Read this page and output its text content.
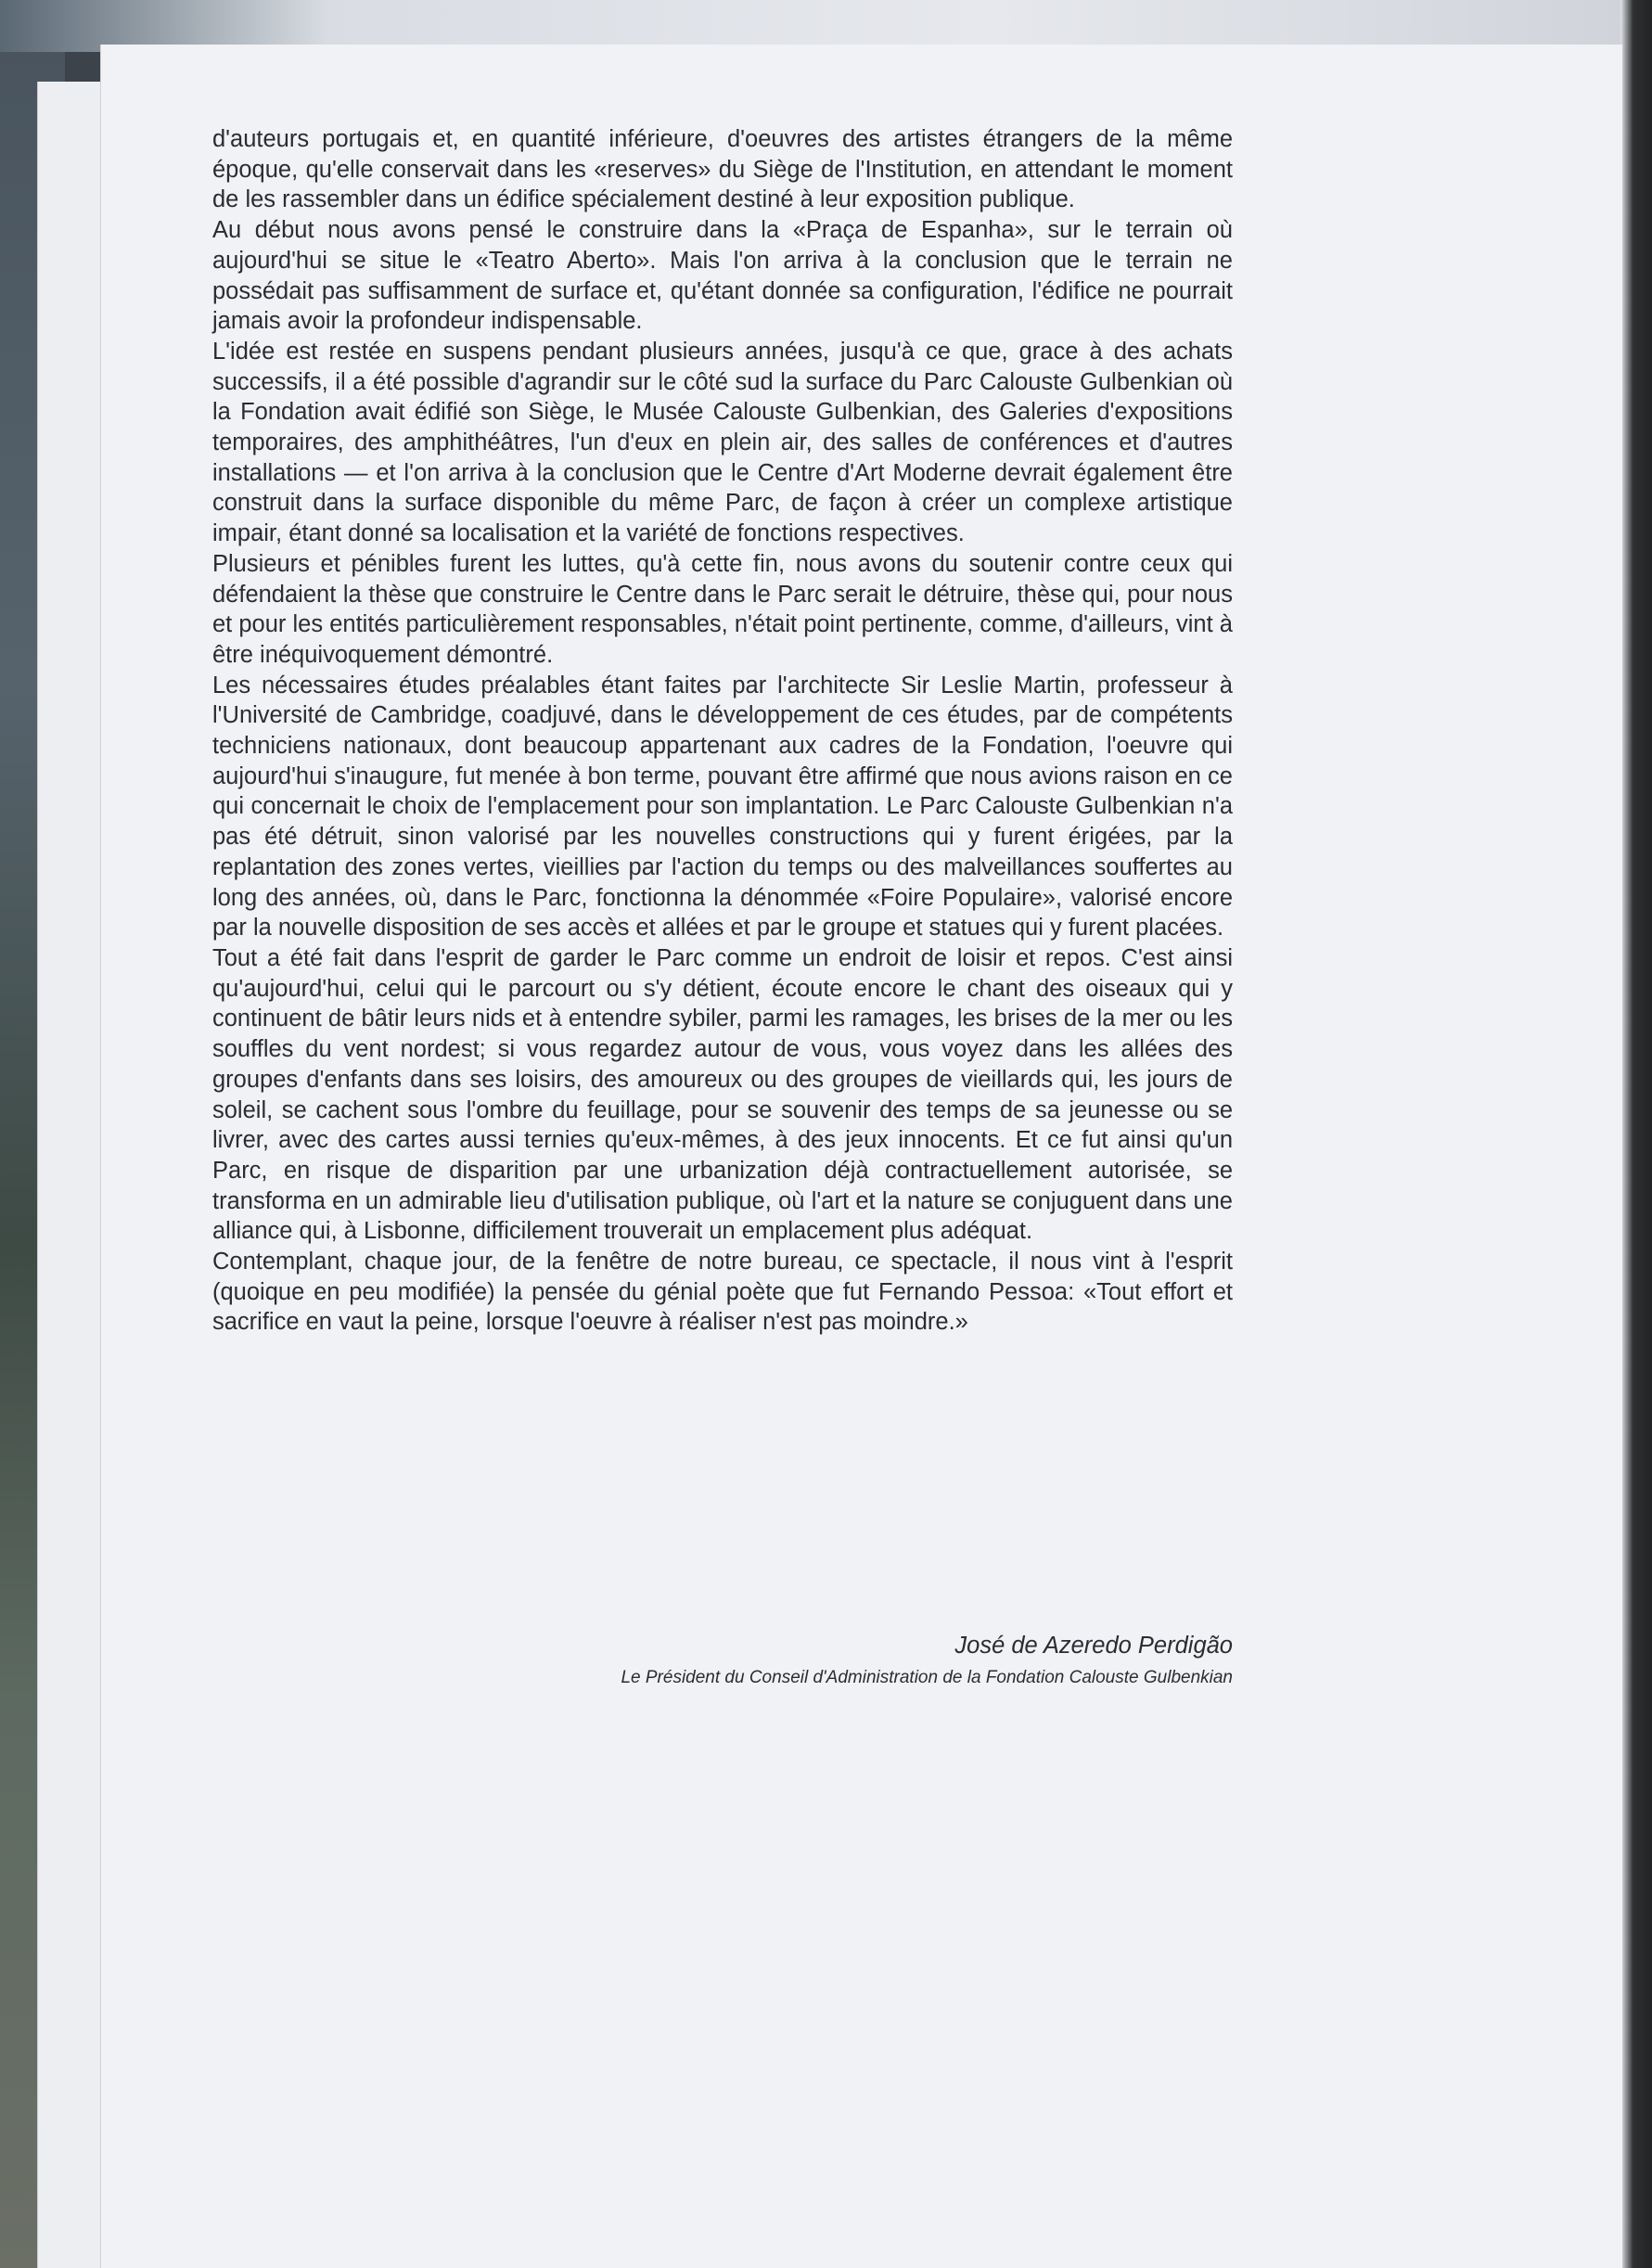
d'auteurs portugais et, en quantité inférieure, d'oeuvres des artistes étrangers de la même époque, qu'elle conservait dans les «reserves» du Siège de l'Institution, en attendant le moment de les rassembler dans un édifice spécialement destiné à leur exposition publique.

Au début nous avons pensé le construire dans la «Praça de Espanha», sur le terrain où aujourd'hui se situe le «Teatro Aberto». Mais l'on arriva à la conclusion que le terrain ne possédait pas suffisamment de surface et, qu'étant donnée sa configuration, l'édifice ne pourrait jamais avoir la profondeur indispensable.

L'idée est restée en suspens pendant plusieurs années, jusqu'à ce que, grace à des achats successifs, il a été possible d'agrandir sur le côté sud la surface du Parc Calouste Gulbenkian où la Fondation avait édifié son Siège, le Musée Calouste Gulbenkian, des Galeries d'expositions temporaires, des amphithéâtres, l'un d'eux en plein air, des salles de conférences et d'autres installations — et l'on arriva à la conclusion que le Centre d'Art Moderne devrait également être construit dans la surface disponible du même Parc, de façon à créer un complexe artistique impair, étant donné sa localisation et la variété de fonctions respectives.

Plusieurs et pénibles furent les luttes, qu'à cette fin, nous avons du soutenir contre ceux qui défendaient la thèse que construire le Centre dans le Parc serait le détruire, thèse qui, pour nous et pour les entités particulièrement responsables, n'était point pertinente, comme, d'ailleurs, vint à être inéquivoquement démontré.

Les nécessaires études préalables étant faites par l'architecte Sir Leslie Martin, professeur à l'Université de Cambridge, coadjuvé, dans le développement de ces études, par de compétents techniciens nationaux, dont beaucoup appartenant aux cadres de la Fondation, l'oeuvre qui aujourd'hui s'inaugure, fut menée à bon terme, pouvant être affirmé que nous avions raison en ce qui concernait le choix de l'emplacement pour son implantation. Le Parc Calouste Gulbenkian n'a pas été détruit, sinon valorisé par les nouvelles constructions qui y furent érigées, par la replantation des zones vertes, vieillies par l'action du temps ou des malveillances souffertes au long des années, où, dans le Parc, fonctionna la dénommée «Foire Populaire», valorisé encore par la nouvelle disposition de ses accès et allées et par le groupe et statues qui y furent placées.

Tout a été fait dans l'esprit de garder le Parc comme un endroit de loisir et repos. C'est ainsi qu'aujourd'hui, celui qui le parcourt ou s'y détient, écoute encore le chant des oiseaux qui y continuent de bâtir leurs nids et à entendre sybiler, parmi les ramages, les brises de la mer ou les souffles du vent nordest; si vous regardez autour de vous, vous voyez dans les allées des groupes d'enfants dans ses loisirs, des amoureux ou des groupes de vieillards qui, les jours de soleil, se cachent sous l'ombre du feuillage, pour se souvenir des temps de sa jeunesse ou se livrer, avec des cartes aussi ternies qu'eux-mêmes, à des jeux innocents. Et ce fut ainsi qu'un Parc, en risque de disparition par une urbanization déjà contractuellement autorisée, se transforma en un admirable lieu d'utilisation publique, où l'art et la nature se conjuguent dans une alliance qui, à Lisbonne, difficilement trouverait un emplacement plus adéquat.

Contemplant, chaque jour, de la fenêtre de notre bureau, ce spectacle, il nous vint à l'esprit (quoique en peu modifiée) la pensée du génial poète que fut Fernando Pessoa: «Tout effort et sacrifice en vaut la peine, lorsque l'oeuvre à réaliser n'est pas moindre.»

José de Azeredo Perdigão

Le Président du Conseil d'Administration de la Fondation Calouste Gulbenkian
